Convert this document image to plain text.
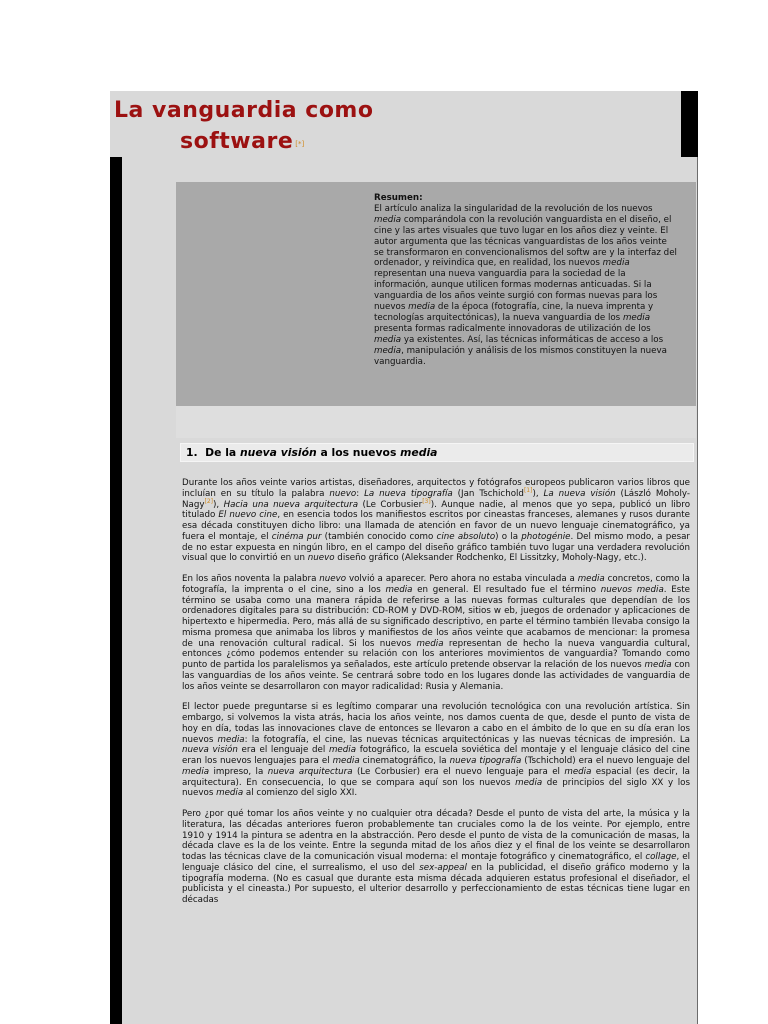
La vanguardia como
software [*]
Resumen:
El artículo analiza la singularidad de la revolución de los nuevos media comparándola con la revolución vanguardista en el diseño, el cine y las artes visuales que tuvo lugar en los años diez y veinte. El autor argumenta que las técnicas vanguardistas de los años veinte se transformaron en convencionalismos del softw are y la interfaz del ordenador, y reivindica que, en realidad, los nuevos media representan una nueva vanguardia para la sociedad de la información, aunque utilicen formas modernas anticuadas. Si la vanguardia de los años veinte surgió con formas nuevas para los nuevos media de la época (fotografía, cine, la nueva imprenta y tecnologías arquitectónicas), la nueva vanguardia de los media presenta formas radicalmente innovadoras de utilización de los media ya existentes. Así, las técnicas informáticas de acceso a los media, manipulación y análisis de los mismos constituyen la nueva vanguardia.
1. De la nueva visión a los nuevos media

Durante los años veinte varios artistas, diseñadores, arquitectos y fotógrafos europeos publicaron varios libros que incluían en su título la palabra nuevo: La nueva tipografía (Jan Tschichold[1]), La nueva visión (László Moholy-Nagy[2]), Hacia una nueva arquitectura (Le Corbusier[3]). Aunque nadie, al menos que yo sepa, publicó un libro titulado El nuevo cine, en esencia todos los manifiestos escritos por cineastas franceses, alemanes y rusos durante esa década constituyen dicho libro: una llamada de atención en favor de un nuevo lenguaje cinematográfico, ya fuera el montaje, el cinéma pur (también conocido como cine absoluto) o la photogénie. Del mismo modo, a pesar de no estar expuesta en ningún libro, en el campo del diseño gráfico también tuvo lugar una verdadera revolución visual que lo convirtió en un nuevo diseño gráfico (Aleksander Rodchenko, El Lissitzky, Moholy-Nagy, etc.).

En los años noventa la palabra nuevo volvió a aparecer. Pero ahora no estaba vinculada a media concretos, como la fotografía, la imprenta o el cine, sino a los media en general. El resultado fue el término nuevos media. Este término se usaba como una manera rápida de referirse a las nuevas formas culturales que dependían de los ordenadores digitales para su distribución: CD-ROM y DVD-ROM, sitios w eb, juegos de ordenador y aplicaciones de hipertexto e hipermedia. Pero, más allá de su significado descriptivo, en parte el término también llevaba consigo la misma promesa que animaba los libros y manifiestos de los años veinte que acabamos de mencionar: la promesa de una renovación cultural radical. Si los nuevos media representan de hecho la nueva vanguardia cultural, entonces ¿cómo podemos entender su relación con los anteriores movimientos de vanguardia? Tomando como punto de partida los paralelismos ya señalados, este artículo pretende observar la relación de los nuevos media con las vanguardias de los años veinte. Se centrará sobre todo en los lugares donde las actividades de vanguardia de los años veinte se desarrollaron con mayor radicalidad: Rusia y Alemania.

El lector puede preguntarse si es legítimo comparar una revolución tecnológica con una revolución artística. Sin embargo, si volvemos la vista atrás, hacia los años veinte, nos damos cuenta de que, desde el punto de vista de hoy en día, todas las innovaciones clave de entonces se llevaron a cabo en el ámbito de lo que en su día eran los nuevos media: la fotografía, el cine, las nuevas técnicas arquitectónicas y las nuevas técnicas de impresión. La nueva visión era el lenguaje del media fotográfico, la escuela soviética del montaje y el lenguaje clásico del cine eran los nuevos lenguajes para el media cinematográfico, la nueva tipografía (Tschichold) era el nuevo lenguaje del media impreso, la nueva arquitectura (Le Corbusier) era el nuevo lenguaje para el media espacial (es decir, la arquitectura). En consecuencia, lo que se compara aquí son los nuevos media de principios del siglo XX y los nuevos media al comienzo del siglo XXI.

Pero ¿por qué tomar los años veinte y no cualquier otra década? Desde el punto de vista del arte, la música y la literatura, las décadas anteriores fueron probablemente tan cruciales como la de los veinte. Por ejemplo, entre 1910 y 1914 la pintura se adentra en la abstracción. Pero desde el punto de vista de la comunicación de masas, la década clave es la de los veinte. Entre la segunda mitad de los años diez y el final de los veinte se desarrollaron todas las técnicas clave de la comunicación visual moderna: el montaje fotográfico y cinematográfico, el collage, el lenguaje clásico del cine, el surrealismo, el uso del sex-appeal en la publicidad, el diseño gráfico moderno y la tipografía moderna. (No es casual que durante esta misma década adquieren estatus profesional el diseñador, el publicista y el cineasta.) Por supuesto, el ulterior desarrollo y perfeccionamiento de estas técnicas tiene lugar en décadas
